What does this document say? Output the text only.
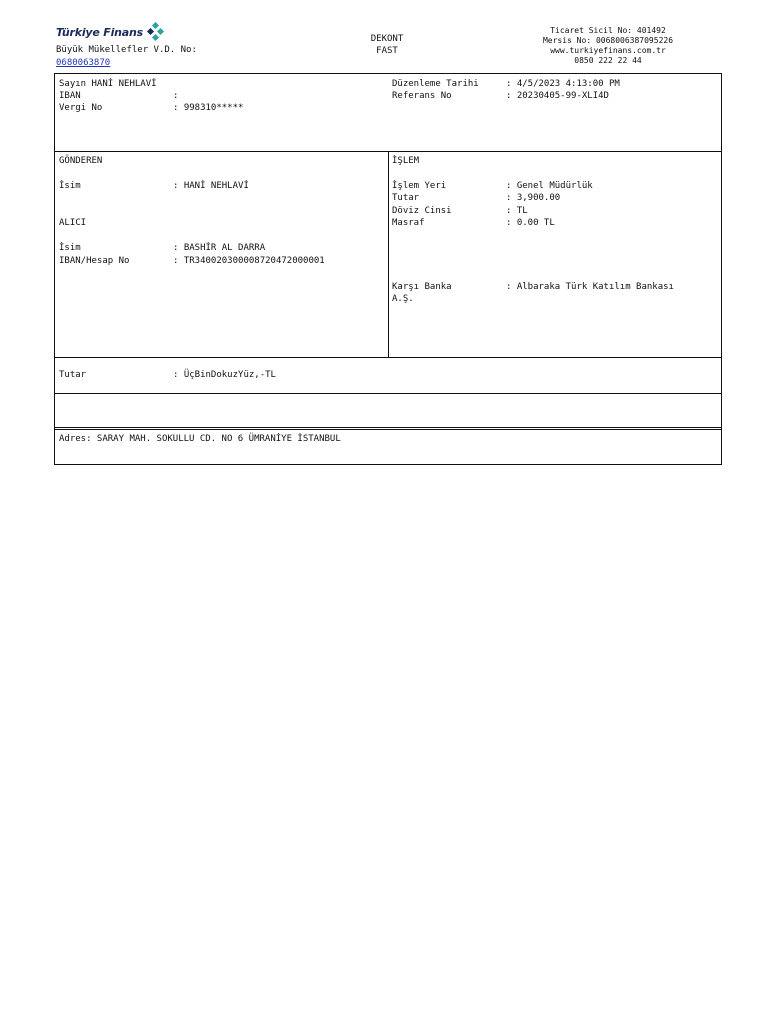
Türkiye Finans
Büyük Mükellefler V.D. No:
0680063870
DEKONT
FAST
Ticaret Sicil No: 401492
Mersis No: 0068006387095226
www.turkiyefinans.com.tr
0850 222 22 44
Sayın HANİ NEHLAVİ
IBAN	:
Vergi No	: 998310*****
Düzenleme Tarihi	: 4/5/2023 4:13:00 PM
Referans No	: 20230405-99-XLI4D
GÖNDEREN
İsim	: HANİ NEHLAVİ
ALICI
İsim	: BASHİR AL DARRA
IBAN/Hesap No	: TR340020300008720472000001
İŞLEM
İşlem Yeri	: Genel Müdürlük
Tutar	: 3,900.00
Döviz Cinsi	: TL
Masraf	: 0.00 TL
Karşı Banka	: Albaraka Türk Katılım Bankası
A.Ş.
Tutar	: ÜçBinDokuzYüz,-TL
Adres: SARAY MAH. SOKULLU CD. NO 6 ÜMRANİYE İSTANBUL
